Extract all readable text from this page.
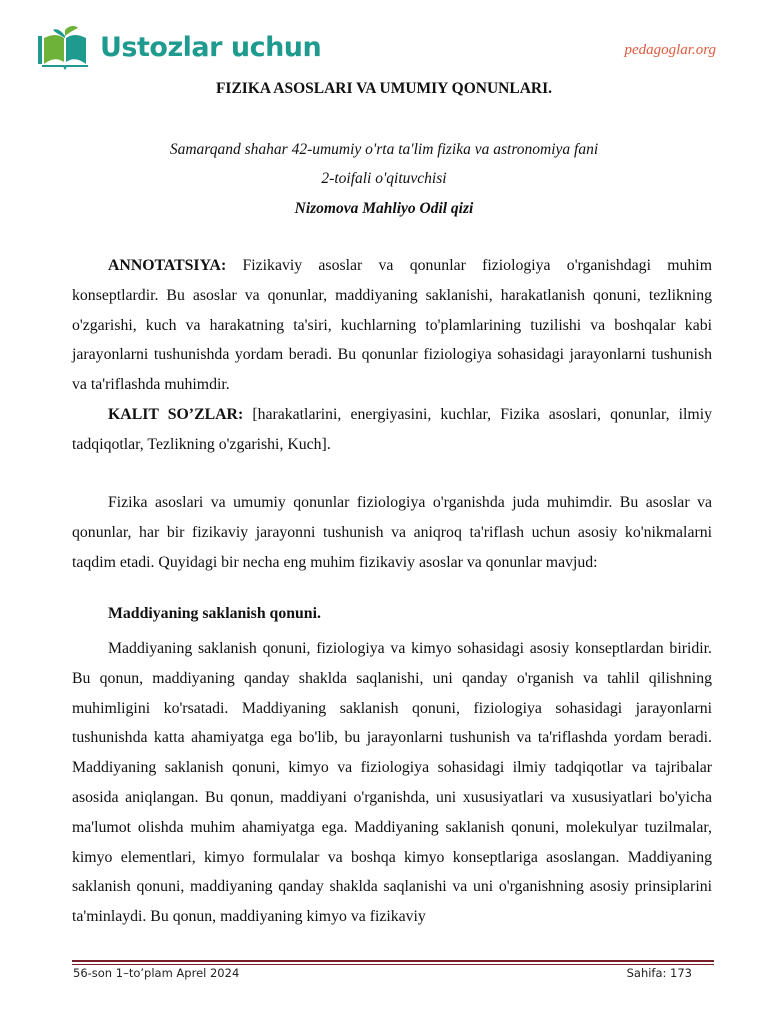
Ustozlar uchun	pedagoglar.org
FIZIKA ASOSLARI VA UMUMIY QONUNLARI.
Samarqand shahar 42-umumiy o'rta ta'lim fizika va astronomiya fani
2-toifali o'qituvchisi
Nizomova Mahliyo Odil qizi

ANNOTATSIYA: Fizikaviy asoslar va qonunlar fiziologiya o'rganishdagi muhim konseptlardir. Bu asoslar va qonunlar, maddiyaning saklanishi, harakatlanish qonuni, tezlikning o'zgarishi, kuch va harakatning ta'siri, kuchlarning to'plamlarining tuzilishi va boshqalar kabi jarayonlarni tushunishda yordam beradi. Bu qonunlar fiziologiya sohasidagi jarayonlarni tushunish va ta'riflashda muhimdir.

KALIT SO’ZLAR: [harakatlarini, energiyasini, kuchlar, Fizika asoslari, qonunlar, ilmiy tadqiqotlar, Tezlikning o'zgarishi, Kuch].

Fizika asoslari va umumiy qonunlar fiziologiya o'rganishda juda muhimdir. Bu asoslar va qonunlar, har bir fizikaviy jarayonni tushunish va aniqroq ta'riflash uchun asosiy ko'nikmalarni taqdim etadi. Quyidagi bir necha eng muhim fizikaviy asoslar va qonunlar mavjud:

Maddiyaning saklanish qonuni.

Maddiyaning saklanish qonuni, fiziologiya va kimyo sohasidagi asosiy konseptlardan biridir. Bu qonun, maddiyaning qanday shaklda saqlanishi, uni qanday o'rganish va tahlil qilishning muhimligini ko'rsatadi. Maddiyaning saklanish qonuni, fiziologiya sohasidagi jarayonlarni tushunishda katta ahamiyatga ega bo'lib, bu jarayonlarni tushunish va ta'riflashda yordam beradi. Maddiyaning saklanish qonuni, kimyo va fiziologiya sohasidagi ilmiy tadqiqotlar va tajribalar asosida aniqlangan. Bu qonun, maddiyani o'rganishda, uni xususiyatlari va xususiyatlari bo'yicha ma'lumot olishda muhim ahamiyatga ega. Maddiyaning saklanish qonuni, molekulyar tuzilmalar, kimyo elementlari, kimyo formulalar va boshqa kimyo konseptlariga asoslangan. Maddiyaning saklanish qonuni, maddiyaning qanday shaklda saqlanishi va uni o'rganishning asosiy prinsiplarini ta'minlaydi. Bu qonun, maddiyaning kimyo va fizikaviy

56-son 1–to’plam Aprel 2024	Sahifa: 173
